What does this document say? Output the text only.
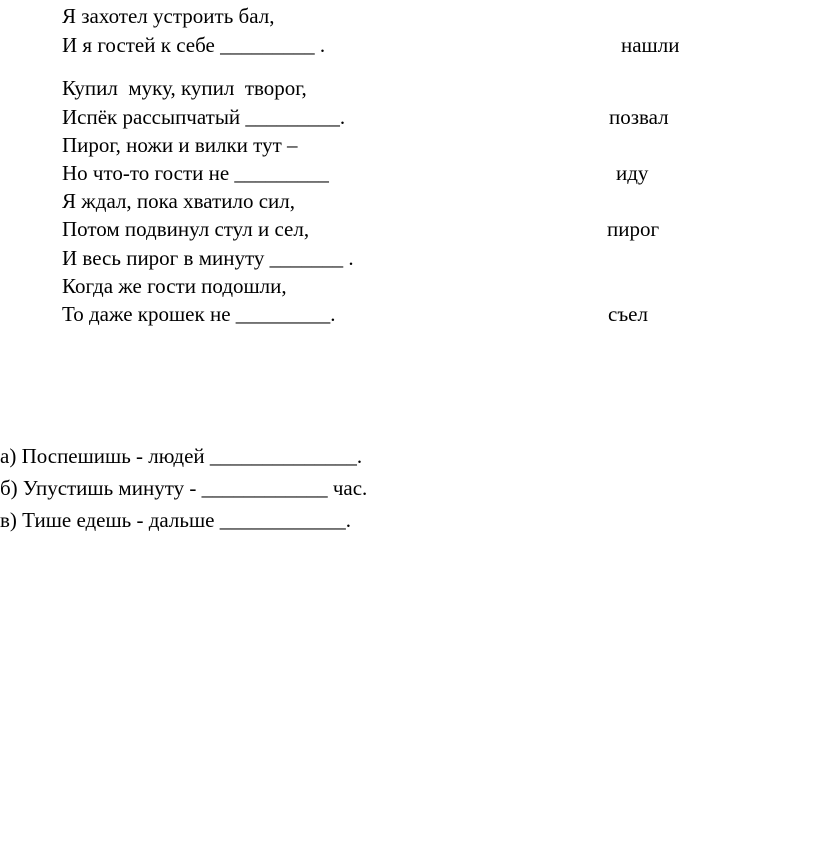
Я захотел устроить бал,
И я гостей к себе _________ .
Купил  муку, купил  творог,
Испёк рассыпчатый _________.
Пирог, ножи и вилки тут –
Но что-то гости не _________
Я ждал, пока хватило сил,
Потом подвинул стул и сел,
И весь пирог в минуту _______ .
Когда же гости подошли,
То даже крошек не _________.
нашли
позвал
иду
пирог
съел
а) Поспешишь - людей ______________.
б) Упустишь минуту - ____________ час.
в) Тише едешь - дальше ____________.
